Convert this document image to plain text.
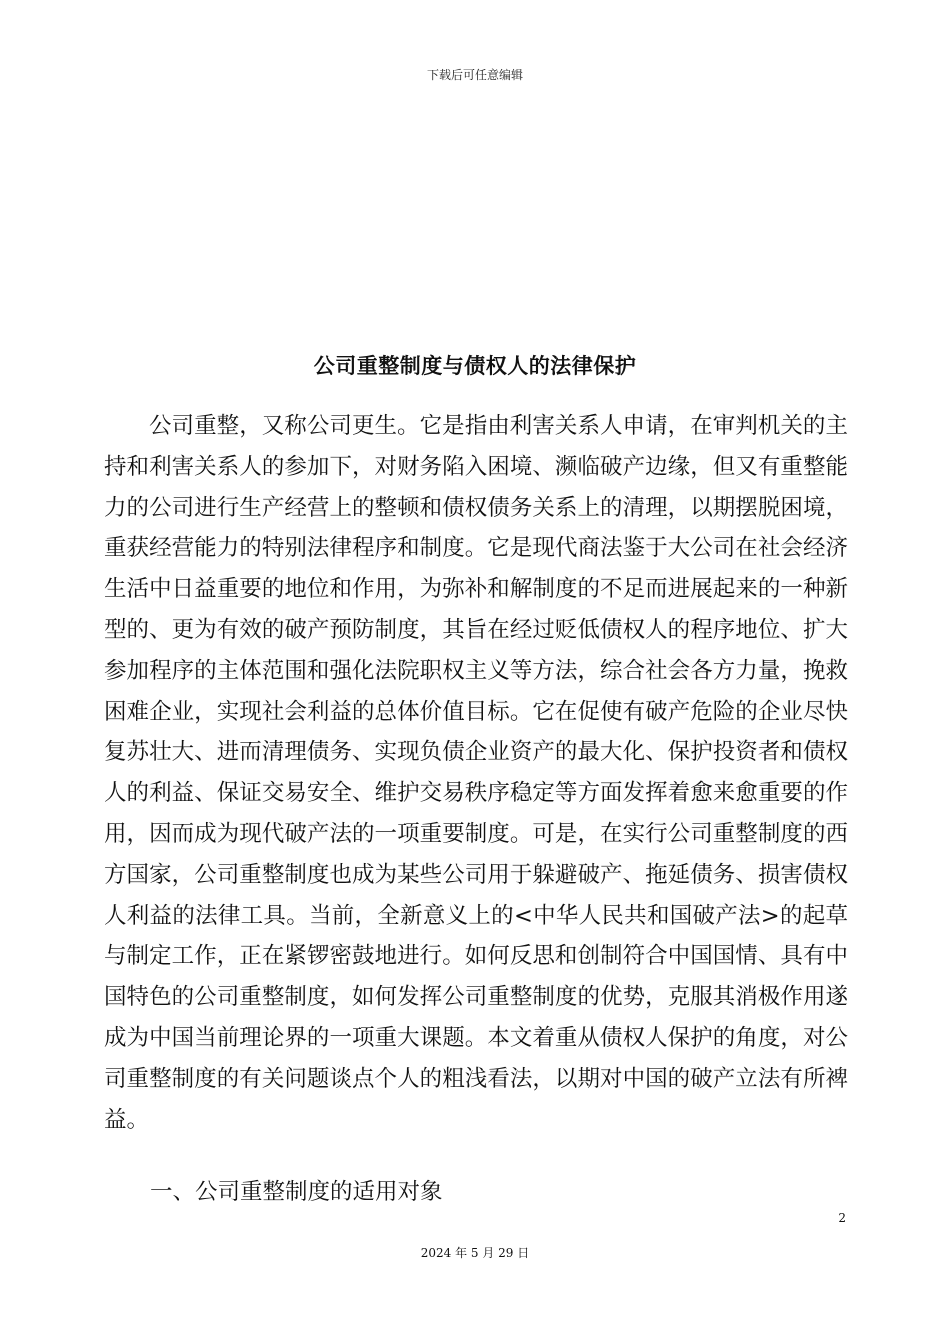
下载后可任意编辑
公司重整制度与债权人的法律保护

公司重整，又称公司更生。它是指由利害关系人申请，在审判机关的主持和利害关系人的参加下，对财务陷入困境、濒临破产边缘，但又有重整能力的公司进行生产经营上的整顿和债权债务关系上的清理，以期摆脱困境，重获经营能力的特别法律程序和制度。它是现代商法鉴于大公司在社会经济生活中日益重要的地位和作用，为弥补和解制度的不足而进展起来的一种新型的、更为有效的破产预防制度，其旨在经过贬低债权人的程序地位、扩大参加程序的主体范围和强化法院职权主义等方法，综合社会各方力量，挽救困难企业，实现社会利益的总体价值目标。它在促使有破产危险的企业尽快复苏壮大、进而清理债务、实现负债企业资产的最大化、保护投资者和债权人的利益、保证交易安全、维护交易秩序稳定等方面发挥着愈来愈重要的作用，因而成为现代破产法的一项重要制度。可是，在实行公司重整制度的西方国家，公司重整制度也成为某些公司用于躲避破产、拖延债务、损害债权人利益的法律工具。当前，全新意义上的<中华人民共和国破产法>的起草与制定工作，正在紧锣密鼓地进行。如何反思和创制符合中国国情、具有中国特色的公司重整制度，如何发挥公司重整制度的优势，克服其消极作用遂成为中国当前理论界的一项重大课题。本文着重从债权人保护的角度，对公司重整制度的有关问题谈点个人的粗浅看法，以期对中国的破产立法有所裨益。

一、公司重整制度的适用对象

2
2024 年 5 月 29 日
